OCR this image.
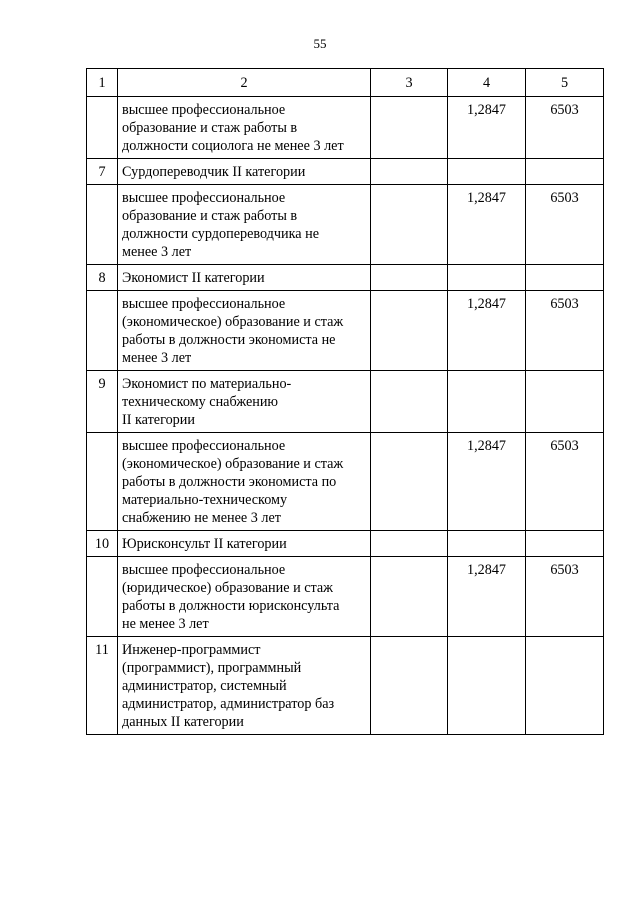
55
1	2	3	4	5
	высшее профессиональное
образование и стаж работы в
должности социолога не менее 3 лет		1,2847	6503
7	Сурдопереводчик II категории			
	высшее профессиональное
образование и стаж работы в
должности сурдопереводчика не
менее 3 лет		1,2847	6503
8	Экономист II категории			
	высшее профессиональное
(экономическое) образование и стаж
работы в должности экономиста не
менее 3 лет		1,2847	6503
9	Экономист по материально-
техническому снабжению
II категории			
	высшее профессиональное
(экономическое) образование и стаж
работы в должности экономиста по
материально-техническому
снабжению не менее 3 лет		1,2847	6503
10	Юрисконсульт II категории			
	высшее профессиональное
(юридическое) образование и стаж
работы в должности юрисконсульта
не менее 3 лет		1,2847	6503
11	Инженер-программист
(программист), программный
администратор, системный
администратор, администратор баз
данных II категории			
